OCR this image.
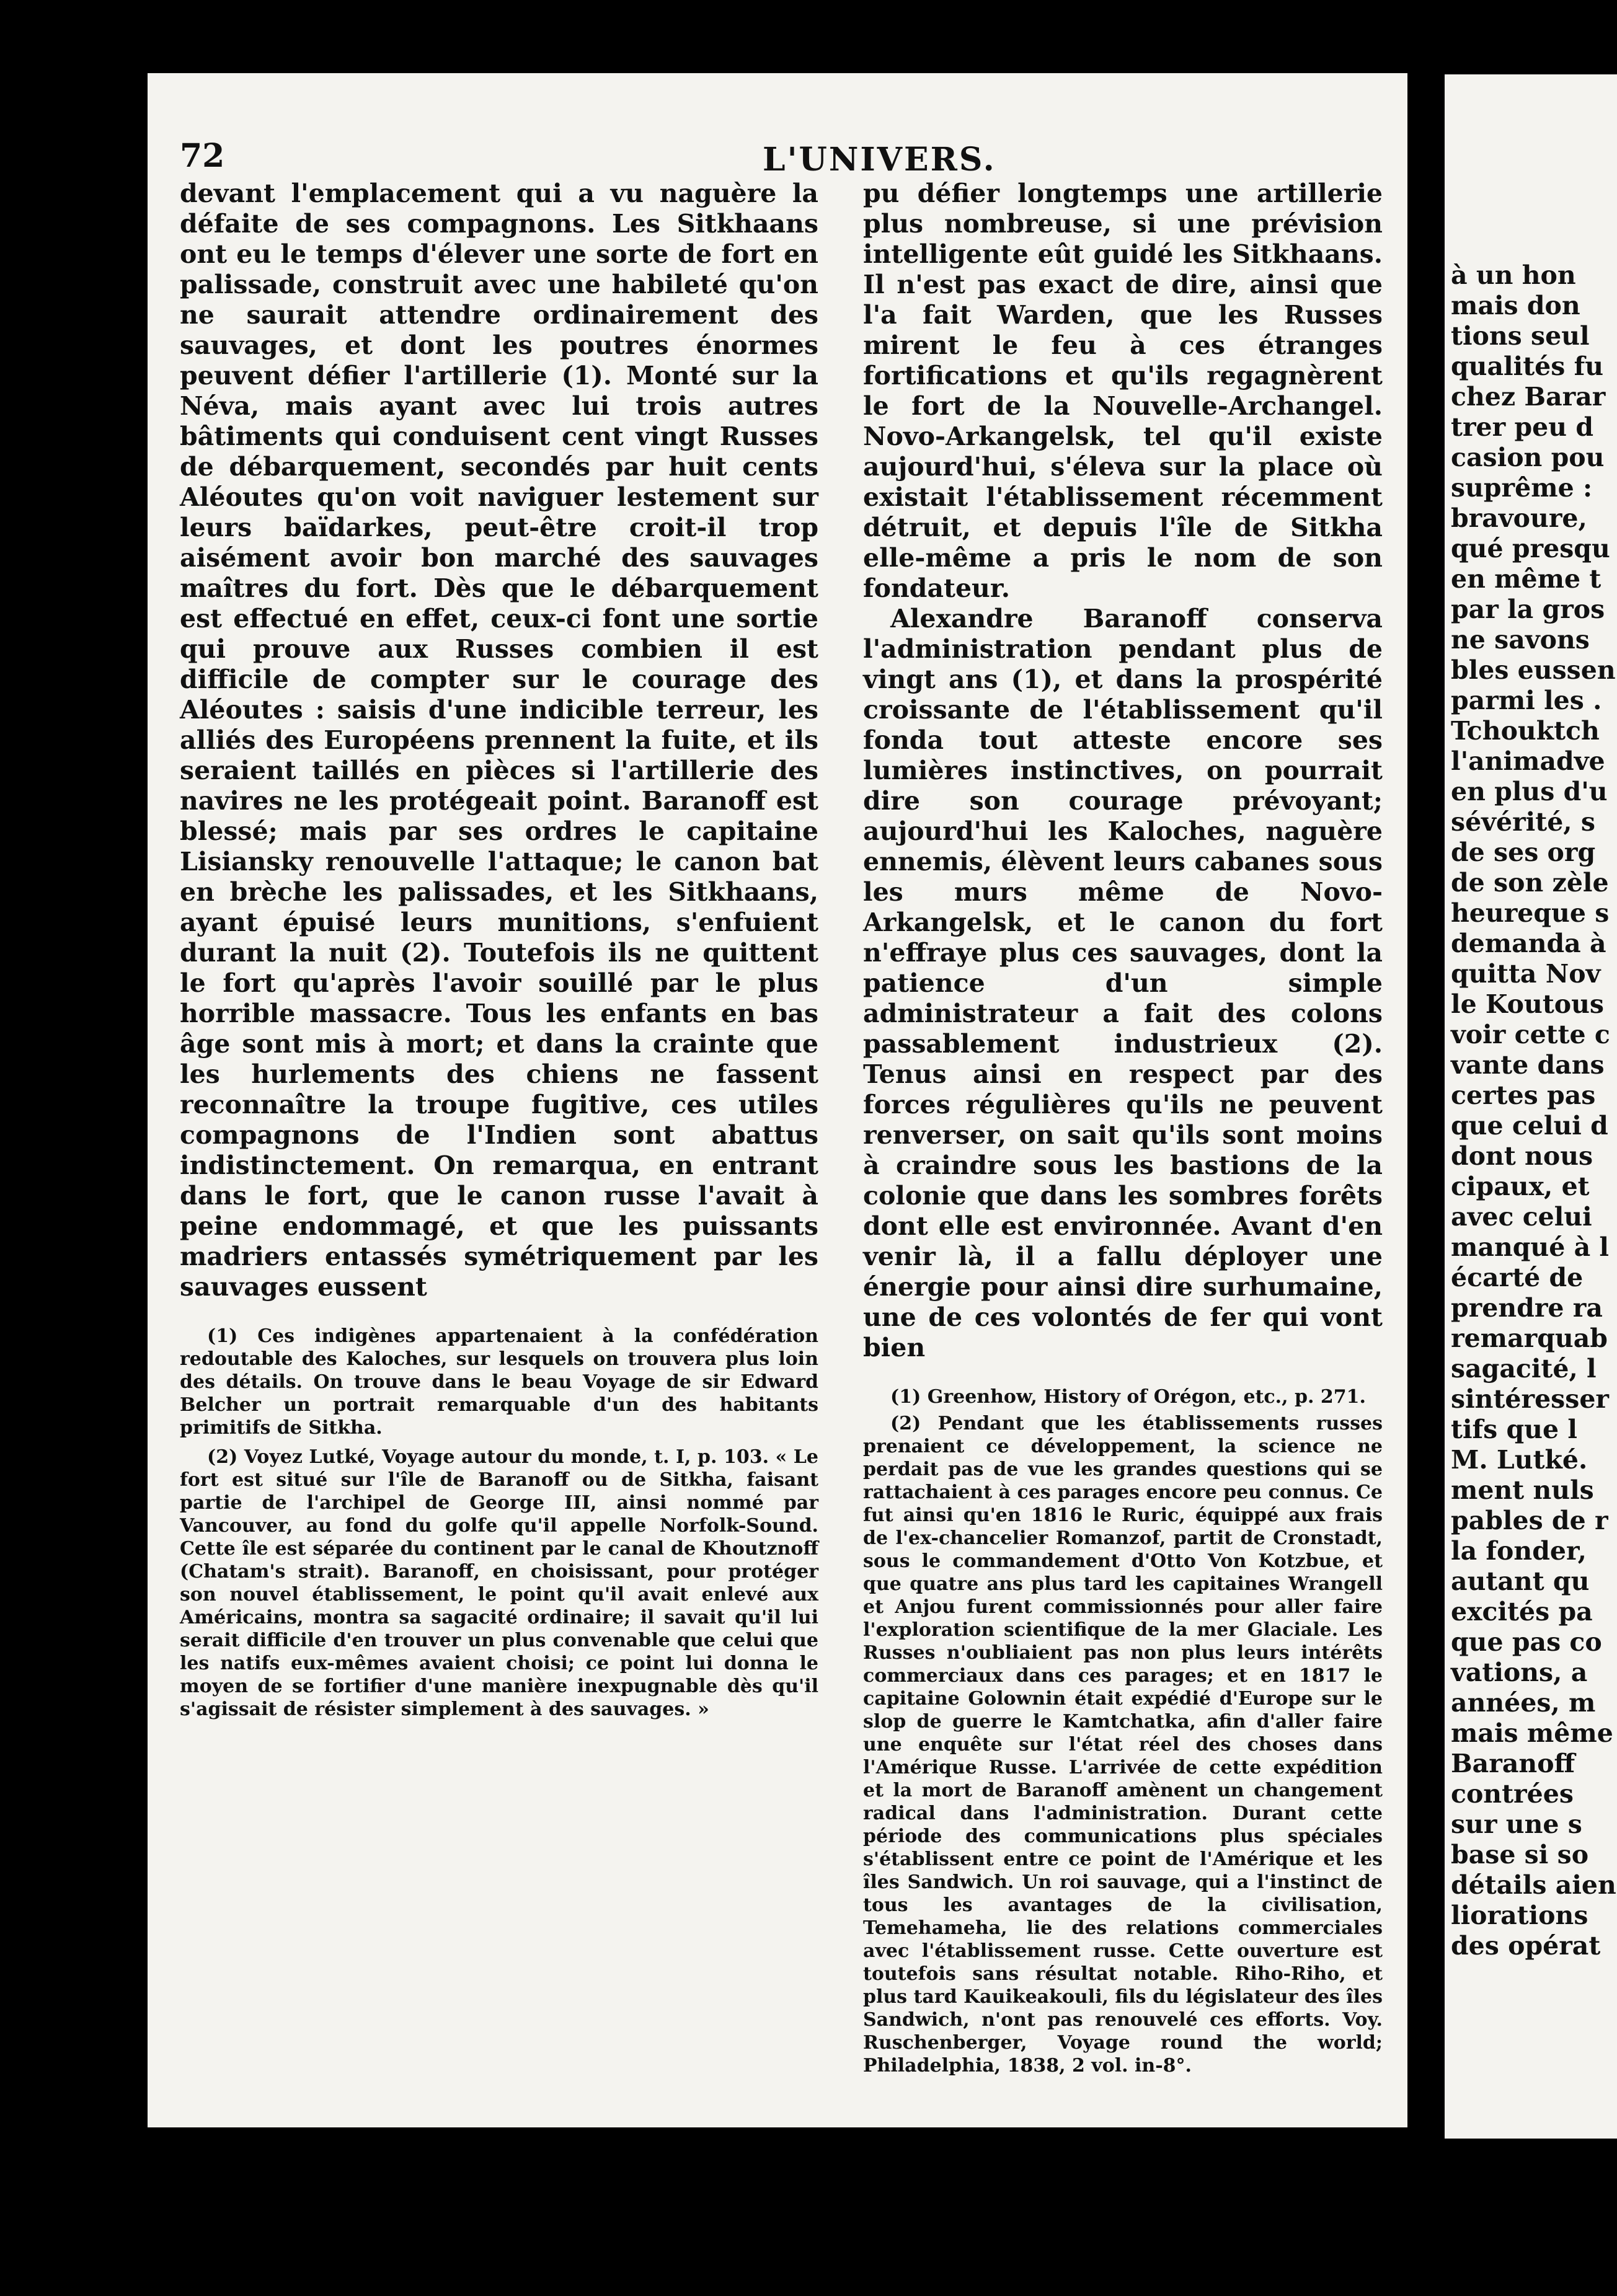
à un hon
mais don
tions seul
qualités fu
chez Barar
trer peu d
casion pou
suprême :
bravoure,
qué presqu
en même t
par la gros
ne savons
bles eussen
parmi les .
Tchouktch
l'animadve
en plus d'u
sévérité, s
de ses org
de son zèle
heureque s
demanda à
quitta Nov
le Koutous
voir cette c
vante dans
certes pas
que celui d
dont nous
cipaux, et
avec celui
manqué à l
écarté de
prendre ra
remarquab
sagacité, l
sintéresser
tifs que l
M. Lutké.
ment nuls
pables de r
la fonder,
autant qu
excités pa
que pas co
vations, a
années, m
mais même
Baranoff
contrées
sur une s
base si so
détails aien
liorations
des opérat
72	L'UNIVERS.

devant l'emplacement qui a vu naguère la défaite de ses compagnons. Les Sitkhaans ont eu le temps d'élever une sorte de fort en palissade, construit avec une habileté qu'on ne saurait attendre ordinairement des sauvages, et dont les poutres énormes peuvent défier l'artillerie (1). Monté sur la Néva, mais ayant avec lui trois autres bâtiments qui conduisent cent vingt Russes de débarquement, secondés par huit cents Aléoutes qu'on voit naviguer lestement sur leurs baïdarkes, peut-être croit-il trop aisément avoir bon marché des sauvages maîtres du fort. Dès que le débarquement est effectué en effet, ceux-ci font une sortie qui prouve aux Russes combien il est difficile de compter sur le courage des Aléoutes : saisis d'une indicible terreur, les alliés des Européens prennent la fuite, et ils seraient taillés en pièces si l'artillerie des navires ne les protégeait point. Baranoff est blessé; mais par ses ordres le capitaine Lisiansky renouvelle l'attaque; le canon bat en brèche les palissades, et les Sitkhaans, ayant épuisé leurs munitions, s'enfuient durant la nuit (2). Toutefois ils ne quittent le fort qu'après l'avoir souillé par le plus horrible massacre. Tous les enfants en bas âge sont mis à mort; et dans la crainte que les hurlements des chiens ne fassent reconnaître la troupe fugitive, ces utiles compagnons de l'Indien sont abattus indistinctement. On remarqua, en entrant dans le fort, que le canon russe l'avait à peine endommagé, et que les puissants madriers entassés symétriquement par les sauvages eussent

(1) Ces indigènes appartenaient à la confédération redoutable des Kaloches, sur lesquels on trouvera plus loin des détails. On trouve dans le beau Voyage de sir Edward Belcher un portrait remarquable d'un des habitants primitifs de Sitkha.

(2) Voyez Lutké, Voyage autour du monde, t. I, p. 103. « Le fort est situé sur l'île de Baranoff ou de Sitkha, faisant partie de l'archipel de George III, ainsi nommé par Vancouver, au fond du golfe qu'il appelle Norfolk-Sound. Cette île est séparée du continent par le canal de Khoutznoff (Chatam's strait). Baranoff, en choisissant, pour protéger son nouvel établissement, le point qu'il avait enlevé aux Américains, montra sa sagacité ordinaire; il savait qu'il lui serait difficile d'en trouver un plus convenable que celui que les natifs eux-mêmes avaient choisi; ce point lui donna le moyen de se fortifier d'une manière inexpugnable dès qu'il s'agissait de résister simplement à des sauvages. »

pu défier longtemps une artillerie plus nombreuse, si une prévision intelligente eût guidé les Sitkhaans. Il n'est pas exact de dire, ainsi que l'a fait Warden, que les Russes mirent le feu à ces étranges fortifications et qu'ils regagnèrent le fort de la Nouvelle-Archangel. Novo-Arkangelsk, tel qu'il existe aujourd'hui, s'éleva sur la place où existait l'établissement récemment détruit, et depuis l'île de Sitkha elle-même a pris le nom de son fondateur.

Alexandre Baranoff conserva l'administration pendant plus de vingt ans (1), et dans la prospérité croissante de l'établissement qu'il fonda tout atteste encore ses lumières instinctives, on pourrait dire son courage prévoyant; aujourd'hui les Kaloches, naguère ennemis, élèvent leurs cabanes sous les murs même de Novo-Arkangelsk, et le canon du fort n'effraye plus ces sauvages, dont la patience d'un simple administrateur a fait des colons passablement industrieux (2). Tenus ainsi en respect par des forces régulières qu'ils ne peuvent renverser, on sait qu'ils sont moins à craindre sous les bastions de la colonie que dans les sombres forêts dont elle est environnée. Avant d'en venir là, il a fallu déployer une énergie pour ainsi dire surhumaine, une de ces volontés de fer qui vont bien

(1) Greenhow, History of Orégon, etc., p. 271.

(2) Pendant que les établissements russes prenaient ce développement, la science ne perdait pas de vue les grandes questions qui se rattachaient à ces parages encore peu connus. Ce fut ainsi qu'en 1816 le Ruric, équippé aux frais de l'ex-chancelier Romanzof, partit de Cronstadt, sous le commandement d'Otto Von Kotzbue, et que quatre ans plus tard les capitaines Wrangell et Anjou furent commissionnés pour aller faire l'exploration scientifique de la mer Glaciale. Les Russes n'oubliaient pas non plus leurs intérêts commerciaux dans ces parages; et en 1817 le capitaine Golownin était expédié d'Europe sur le slop de guerre le Kamtchatka, afin d'aller faire une enquête sur l'état réel des choses dans l'Amérique Russe. L'arrivée de cette expédition et la mort de Baranoff amènent un changement radical dans l'administration. Durant cette période des communications plus spéciales s'établissent entre ce point de l'Amérique et les îles Sandwich. Un roi sauvage, qui a l'instinct de tous les avantages de la civilisation, Temehameha, lie des relations commerciales avec l'établissement russe. Cette ouverture est toutefois sans résultat notable. Riho-Riho, et plus tard Kauikeakouli, fils du législateur des îles Sandwich, n'ont pas renouvelé ces efforts. Voy. Ruschenberger, Voyage round the world; Philadelphia, 1838, 2 vol. in-8°.
